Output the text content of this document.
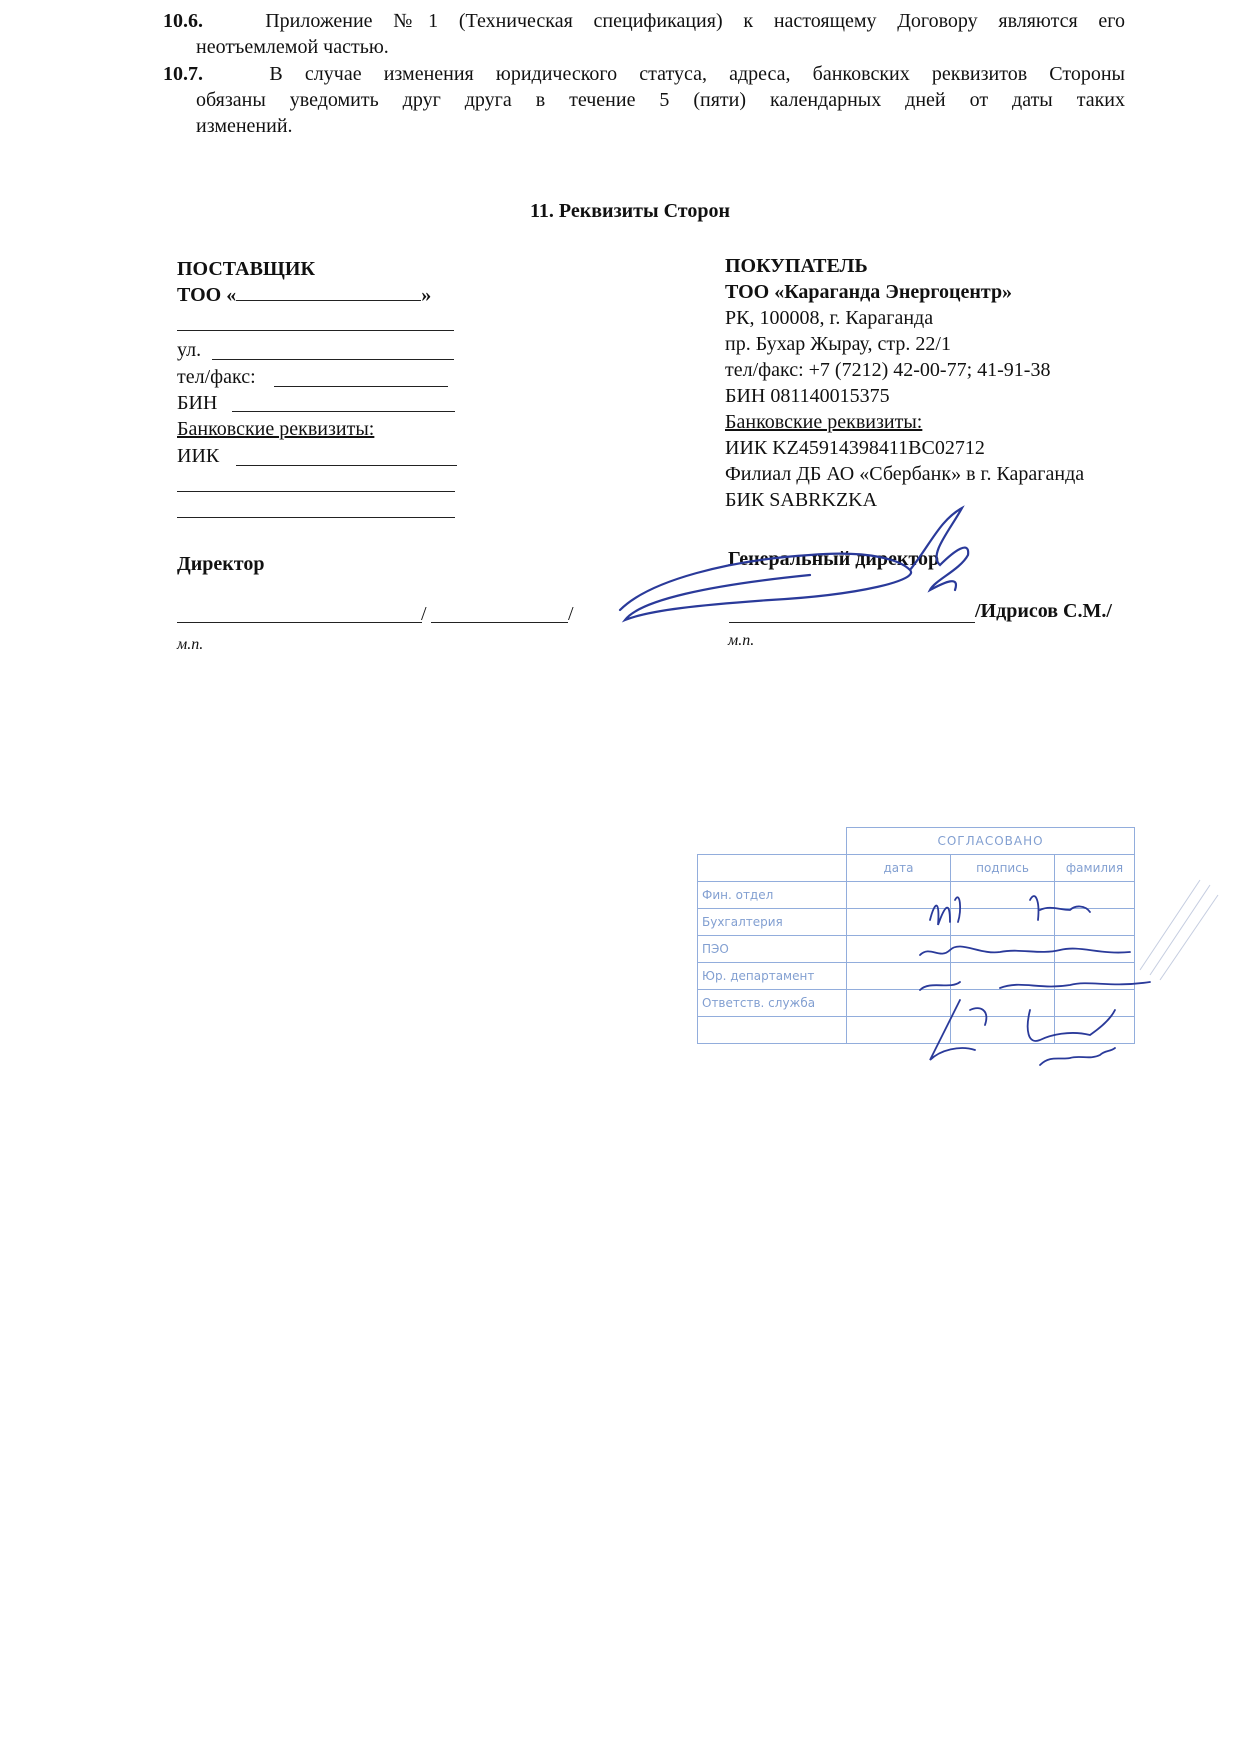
10.6.	Приложение №1 (Техническая спецификация) к настоящему Договору являются его
неотъемлемой частью.
10.7.	В случае изменения юридического статуса, адреса, банковских реквизитов Стороны
обязаны уведомить друг друга в течение 5 (пяти) календарных дней от даты таких
изменений.
11. Реквизиты Сторон
ПОСТАВЩИК
ТОО «	»
ул.
тел/факс:
БИН
Банковские реквизиты:
ИИК
Директор
/	/
м.п.
ПОКУПАТЕЛЬ
ТОО «Караганда Энергоцентр»
РК, 100008, г. Караганда
пр. Бухар Жырау, стр. 22/1
тел/факс: +7 (7212) 42-00-77; 41-91-38
БИН 081140015375
Банковские реквизиты:
ИИК KZ45914398411BC02712
Филиал ДБ АО «Сбербанк» в г. Караганда
БИК SABRKZKA
Генеральный директор
/Идрисов С.М./
м.п.
	СОГЛАСОВАНО		
	дата	подпись	фамилия
Фин. отдел			
Бухгалтерия			
ПЭО			
Юр. департамент			
Ответств. служба			
